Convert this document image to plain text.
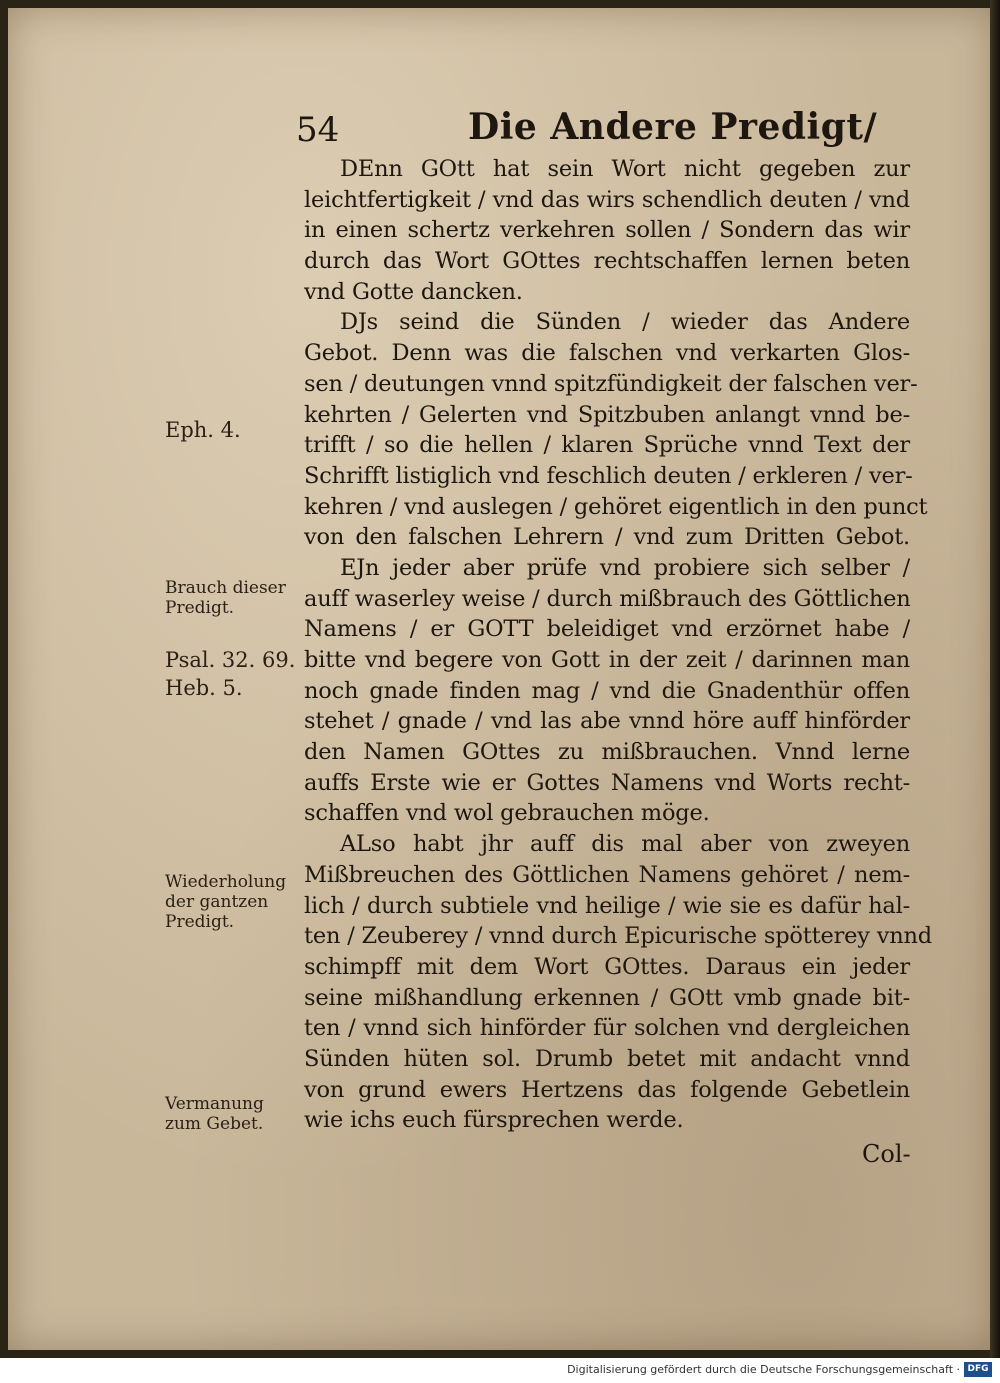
54	Die Andere Predigt/
DEnn GOtt hat sein Wort nicht gegeben zur
leichtfertigkeit / vnd das wirs schendlich deuten / vnd
in einen schertz verkehren sollen / Sondern das wir
durch das Wort GOttes rechtschaffen lernen beten
vnd Gotte dancken.
DJs seind die Sünden / wieder das Andere
Gebot. Denn was die falschen vnd verkarten Glos-
sen / deutungen vnnd spitzfündigkeit der falschen ver-
kehrten / Gelerten vnd Spitzbuben anlangt vnnd be-
trifft / so die hellen / klaren Sprüche vnnd Text der
Schrifft listiglich vnd feschlich deuten / erkleren / ver-
kehren / vnd auslegen / gehöret eigentlich in den punct
von den falschen Lehrern / vnd zum Dritten Gebot.
EJn jeder aber prüfe vnd probiere sich selber /
auff waserley weise / durch mißbrauch des Göttlichen
Namens / er GOTT beleidiget vnd erzörnet habe /
bitte vnd begere von Gott in der zeit / darinnen man
noch gnade finden mag / vnd die Gnadenthür offen
stehet / gnade / vnd las abe vnnd höre auff hinförder
den Namen GOttes zu mißbrauchen. Vnnd lerne
auffs Erste wie er Gottes Namens vnd Worts recht-
schaffen vnd wol gebrauchen möge.
ALso habt jhr auff dis mal aber von zweyen
Mißbreuchen des Göttlichen Namens gehöret / nem-
lich / durch subtiele vnd heilige / wie sie es dafür hal-
ten / Zeuberey / vnnd durch Epicurische spötterey vnnd
schimpff mit dem Wort GOttes. Daraus ein jeder
seine mißhandlung erkennen / GOtt vmb gnade bit-
ten / vnnd sich hinförder für solchen vnd dergleichen
Sünden hüten sol. Drumb betet mit andacht vnnd
von grund ewers Hertzens das folgende Gebetlein
wie ichs euch fürsprechen werde.
Eph. 4.
Brauch dieser
Predigt.
Psal. 32. 69.
Heb. 5.
Wiederholung
der gantzen
Predigt.
Vermanung
zum Gebet.
Col-
Digitalisierung gefördert durch die Deutsche Forschungsgemeinschaft · DFG
